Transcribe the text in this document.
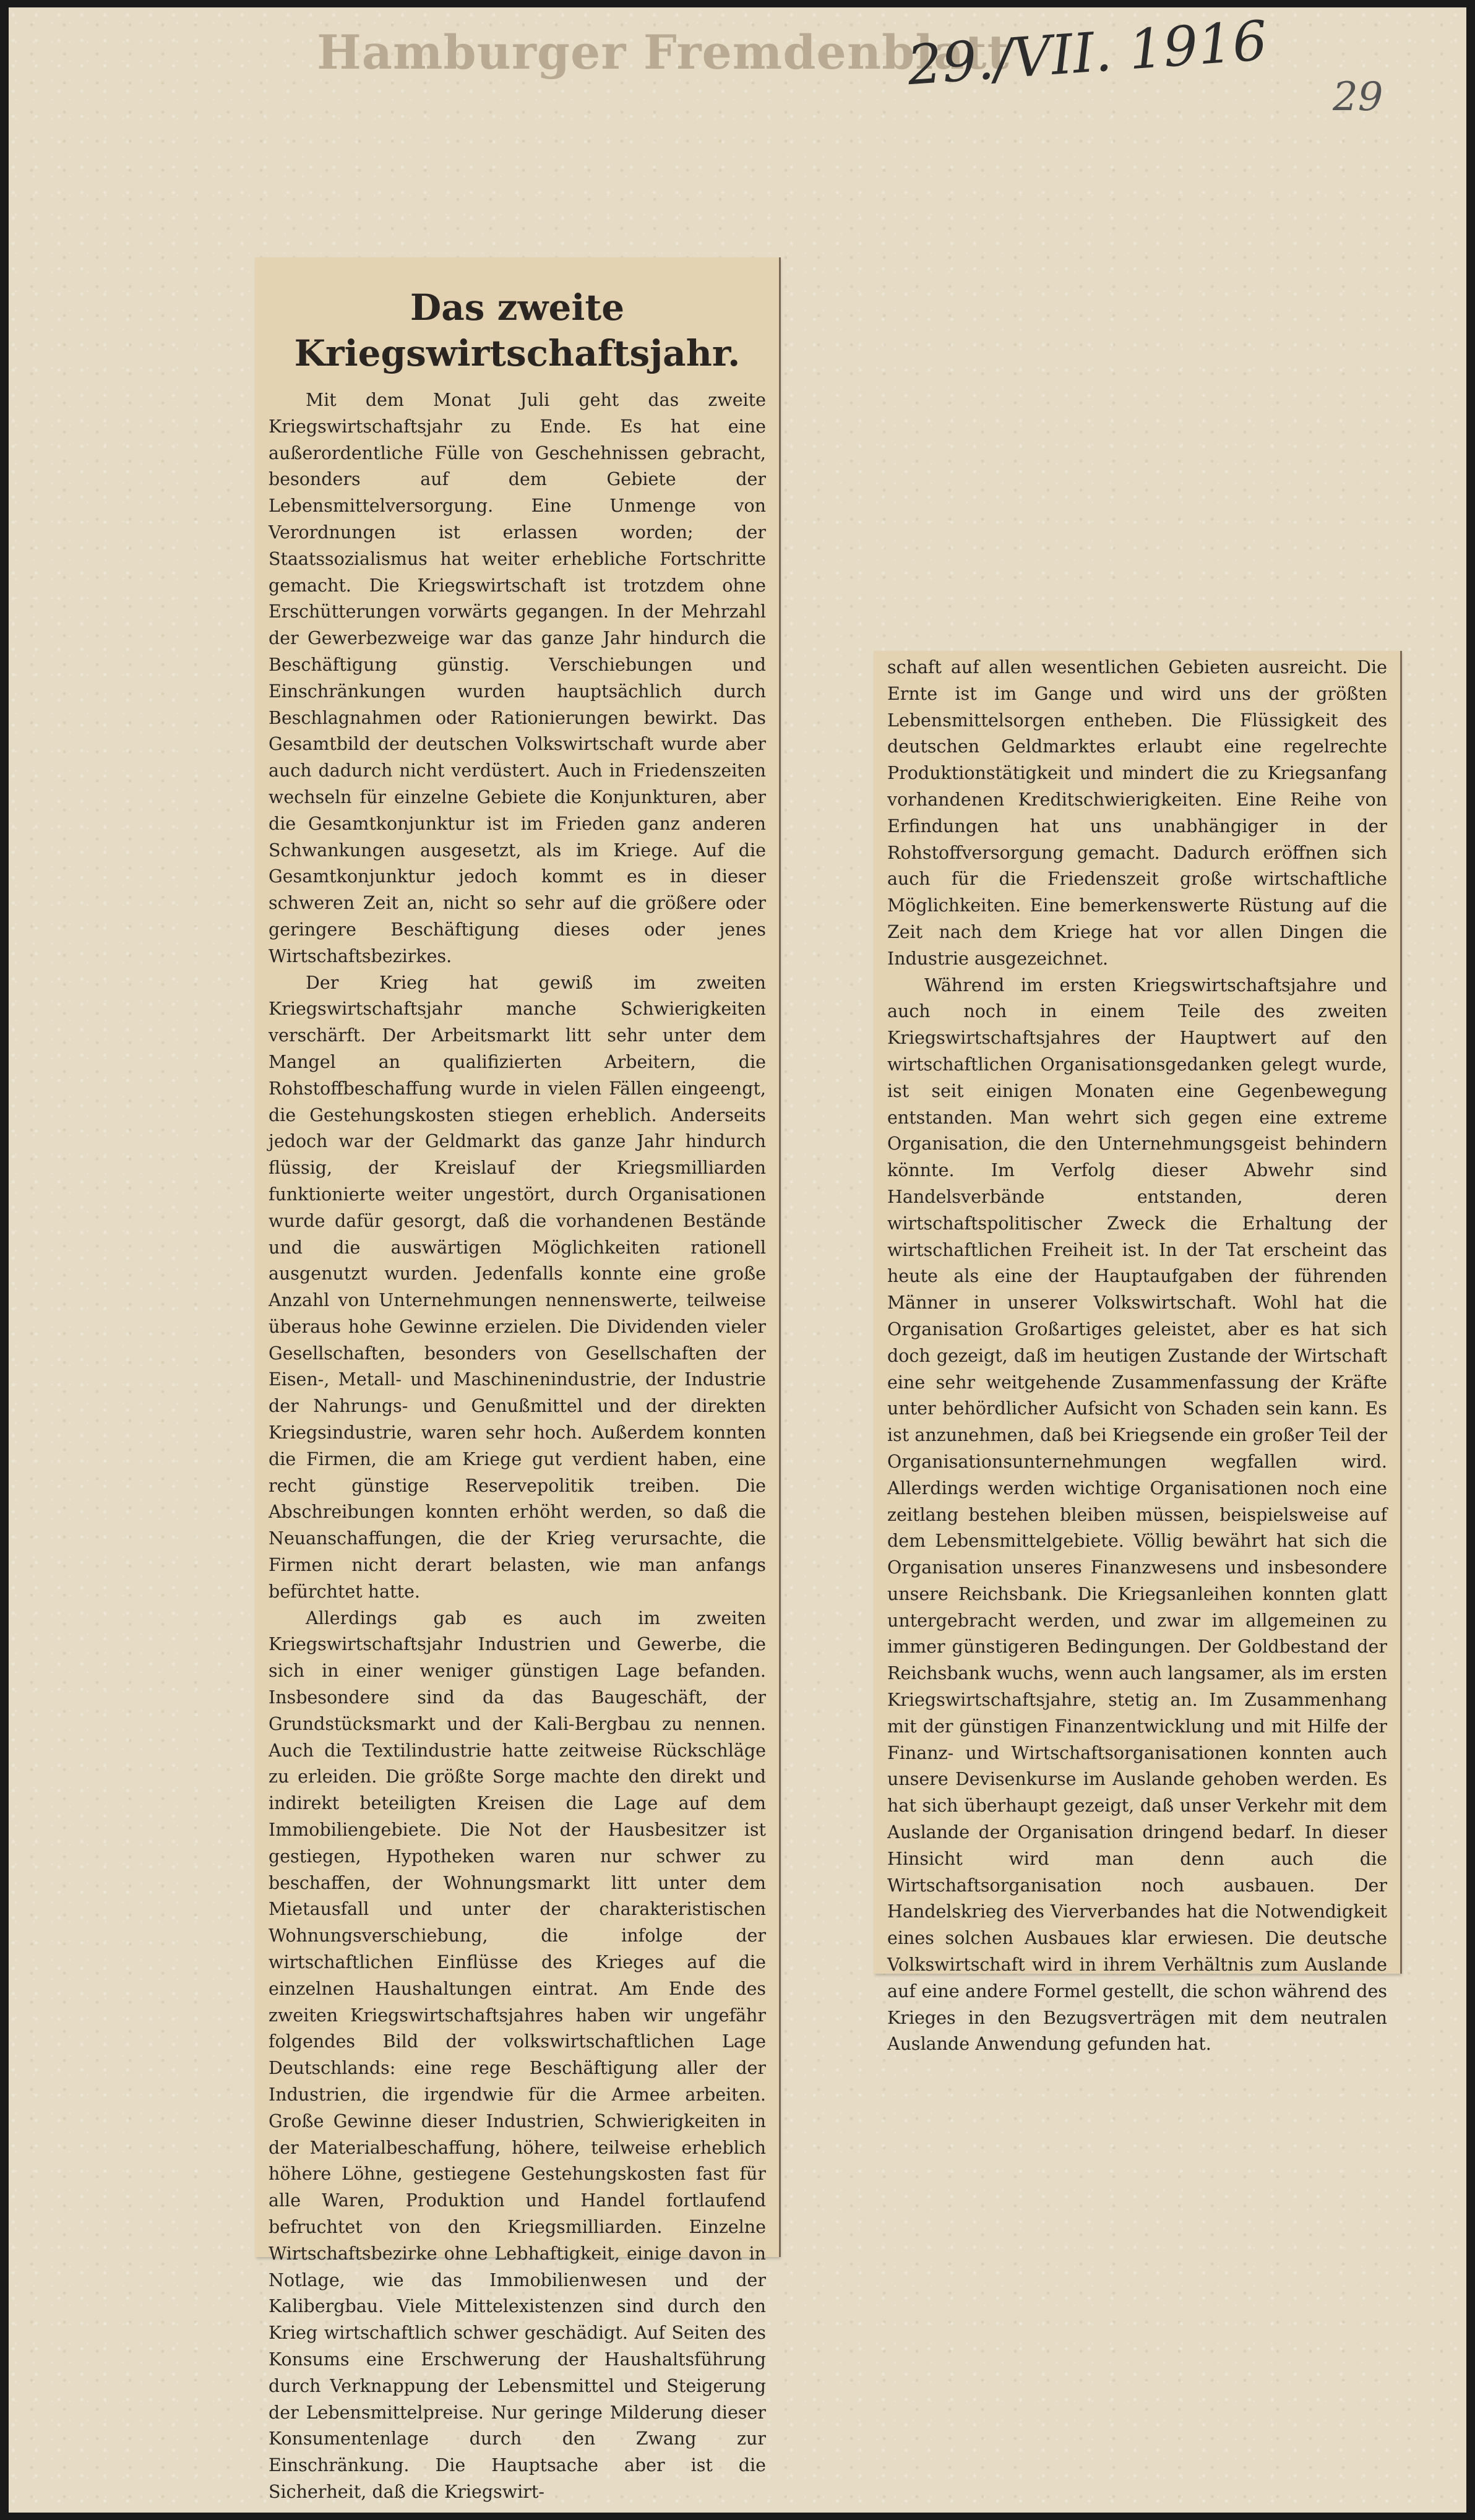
Hamburger Fremdenblatt
29./VII. 1916 29
Das zweite Kriegswirtschaftsjahr.

Mit dem Monat Juli geht das zweite Kriegswirtschaftsjahr zu Ende. Es hat eine außerordentliche Fülle von Geschehnissen gebracht, besonders auf dem Gebiete der Lebensmittelversorgung. Eine Unmenge von Verordnungen ist erlassen worden; der Staatssozialismus hat weiter erhebliche Fortschritte gemacht. Die Kriegswirtschaft ist trotzdem ohne Erschütterungen vorwärts gegangen. In der Mehrzahl der Gewerbezweige war das ganze Jahr hindurch die Beschäftigung günstig. Verschiebungen und Einschränkungen wurden hauptsächlich durch Beschlagnahmen oder Rationierungen bewirkt. Das Gesamtbild der deutschen Volkswirtschaft wurde aber auch dadurch nicht verdüstert. Auch in Friedenszeiten wechseln für einzelne Gebiete die Konjunkturen, aber die Gesamtkonjunktur ist im Frieden ganz anderen Schwankungen ausgesetzt, als im Kriege. Auf die Gesamtkonjunktur jedoch kommt es in dieser schweren Zeit an, nicht so sehr auf die größere oder geringere Beschäftigung dieses oder jenes Wirtschaftsbezirkes.

Der Krieg hat gewiß im zweiten Kriegswirtschaftsjahr manche Schwierigkeiten verschärft. Der Arbeitsmarkt litt sehr unter dem Mangel an qualifizierten Arbeitern, die Rohstoffbeschaffung wurde in vielen Fällen eingeengt, die Gestehungskosten stiegen erheblich. Anderseits jedoch war der Geldmarkt das ganze Jahr hindurch flüssig, der Kreislauf der Kriegsmilliarden funktionierte weiter ungestört, durch Organisationen wurde dafür gesorgt, daß die vorhandenen Bestände und die auswärtigen Möglichkeiten rationell ausgenutzt wurden. Jedenfalls konnte eine große Anzahl von Unternehmungen nennenswerte, teilweise überaus hohe Gewinne erzielen. Die Dividenden vieler Gesellschaften, besonders von Gesellschaften der Eisen-, Metall- und Maschinenindustrie, der Industrie der Nahrungs- und Genußmittel und der direkten Kriegsindustrie, waren sehr hoch. Außerdem konnten die Firmen, die am Kriege gut verdient haben, eine recht günstige Reservepolitik treiben. Die Abschreibungen konnten erhöht werden, so daß die Neuanschaffungen, die der Krieg verursachte, die Firmen nicht derart belasten, wie man anfangs befürchtet hatte.

Allerdings gab es auch im zweiten Kriegswirtschaftsjahr Industrien und Gewerbe, die sich in einer weniger günstigen Lage befanden. Insbesondere sind da das Baugeschäft, der Grundstücksmarkt und der Kali-Bergbau zu nennen. Auch die Textilindustrie hatte zeitweise Rückschläge zu erleiden. Die größte Sorge machte den direkt und indirekt beteiligten Kreisen die Lage auf dem Immobiliengebiete. Die Not der Hausbesitzer ist gestiegen, Hypotheken waren nur schwer zu beschaffen, der Wohnungsmarkt litt unter dem Mietausfall und unter der charakteristischen Wohnungsverschiebung, die infolge der wirtschaftlichen Einflüsse des Krieges auf die einzelnen Haushaltungen eintrat. Am Ende des zweiten Kriegswirtschaftsjahres haben wir ungefähr folgendes Bild der volkswirtschaftlichen Lage Deutschlands: eine rege Beschäftigung aller der Industrien, die irgendwie für die Armee arbeiten. Große Gewinne dieser Industrien, Schwierigkeiten in der Materialbeschaffung, höhere, teilweise erheblich höhere Löhne, gestiegene Gestehungskosten fast für alle Waren, Produktion und Handel fortlaufend befruchtet von den Kriegsmilliarden. Einzelne Wirtschaftsbezirke ohne Lebhaftigkeit, einige davon in Notlage, wie das Immobilienwesen und der Kalibergbau. Viele Mittelexistenzen sind durch den Krieg wirtschaftlich schwer geschädigt. Auf Seiten des Konsums eine Erschwerung der Haushaltsführung durch Verknappung der Lebensmittel und Steigerung der Lebensmittelpreise. Nur geringe Milderung dieser Konsumentenlage durch den Zwang zur Einschränkung. Die Hauptsache aber ist die Sicherheit, daß die Kriegswirt-

schaft auf allen wesentlichen Gebieten ausreicht. Die Ernte ist im Gange und wird uns der größten Lebensmittelsorgen entheben. Die Flüssigkeit des deutschen Geldmarktes erlaubt eine regelrechte Produktionstätigkeit und mindert die zu Kriegsanfang vorhandenen Kreditschwierigkeiten. Eine Reihe von Erfindungen hat uns unabhängiger in der Rohstoffversorgung gemacht. Dadurch eröffnen sich auch für die Friedenszeit große wirtschaftliche Möglichkeiten. Eine bemerkenswerte Rüstung auf die Zeit nach dem Kriege hat vor allen Dingen die Industrie ausgezeichnet.

Während im ersten Kriegswirtschaftsjahre und auch noch in einem Teile des zweiten Kriegswirtschaftsjahres der Hauptwert auf den wirtschaftlichen Organisationsgedanken gelegt wurde, ist seit einigen Monaten eine Gegenbewegung entstanden. Man wehrt sich gegen eine extreme Organisation, die den Unternehmungsgeist behindern könnte. Im Verfolg dieser Abwehr sind Handelsverbände entstanden, deren wirtschaftspolitischer Zweck die Erhaltung der wirtschaftlichen Freiheit ist. In der Tat erscheint das heute als eine der Hauptaufgaben der führenden Männer in unserer Volkswirtschaft. Wohl hat die Organisation Großartiges geleistet, aber es hat sich doch gezeigt, daß im heutigen Zustande der Wirtschaft eine sehr weitgehende Zusammenfassung der Kräfte unter behördlicher Aufsicht von Schaden sein kann. Es ist anzunehmen, daß bei Kriegsende ein großer Teil der Organisationsunternehmungen wegfallen wird. Allerdings werden wichtige Organisationen noch eine zeitlang bestehen bleiben müssen, beispielsweise auf dem Lebensmittelgebiete. Völlig bewährt hat sich die Organisation unseres Finanzwesens und insbesondere unsere Reichsbank. Die Kriegsanleihen konnten glatt untergebracht werden, und zwar im allgemeinen zu immer günstigeren Bedingungen. Der Goldbestand der Reichsbank wuchs, wenn auch langsamer, als im ersten Kriegswirtschaftsjahre, stetig an. Im Zusammenhang mit der günstigen Finanzentwicklung und mit Hilfe der Finanz- und Wirtschaftsorganisationen konnten auch unsere Devisenkurse im Auslande gehoben werden. Es hat sich überhaupt gezeigt, daß unser Verkehr mit dem Auslande der Organisation dringend bedarf. In dieser Hinsicht wird man denn auch die Wirtschaftsorganisation noch ausbauen. Der Handelskrieg des Vierverbandes hat die Notwendigkeit eines solchen Ausbaues klar erwiesen. Die deutsche Volkswirtschaft wird in ihrem Verhältnis zum Auslande auf eine andere Formel gestellt, die schon während des Krieges in den Bezugsverträgen mit dem neutralen Auslande Anwendung gefunden hat.
